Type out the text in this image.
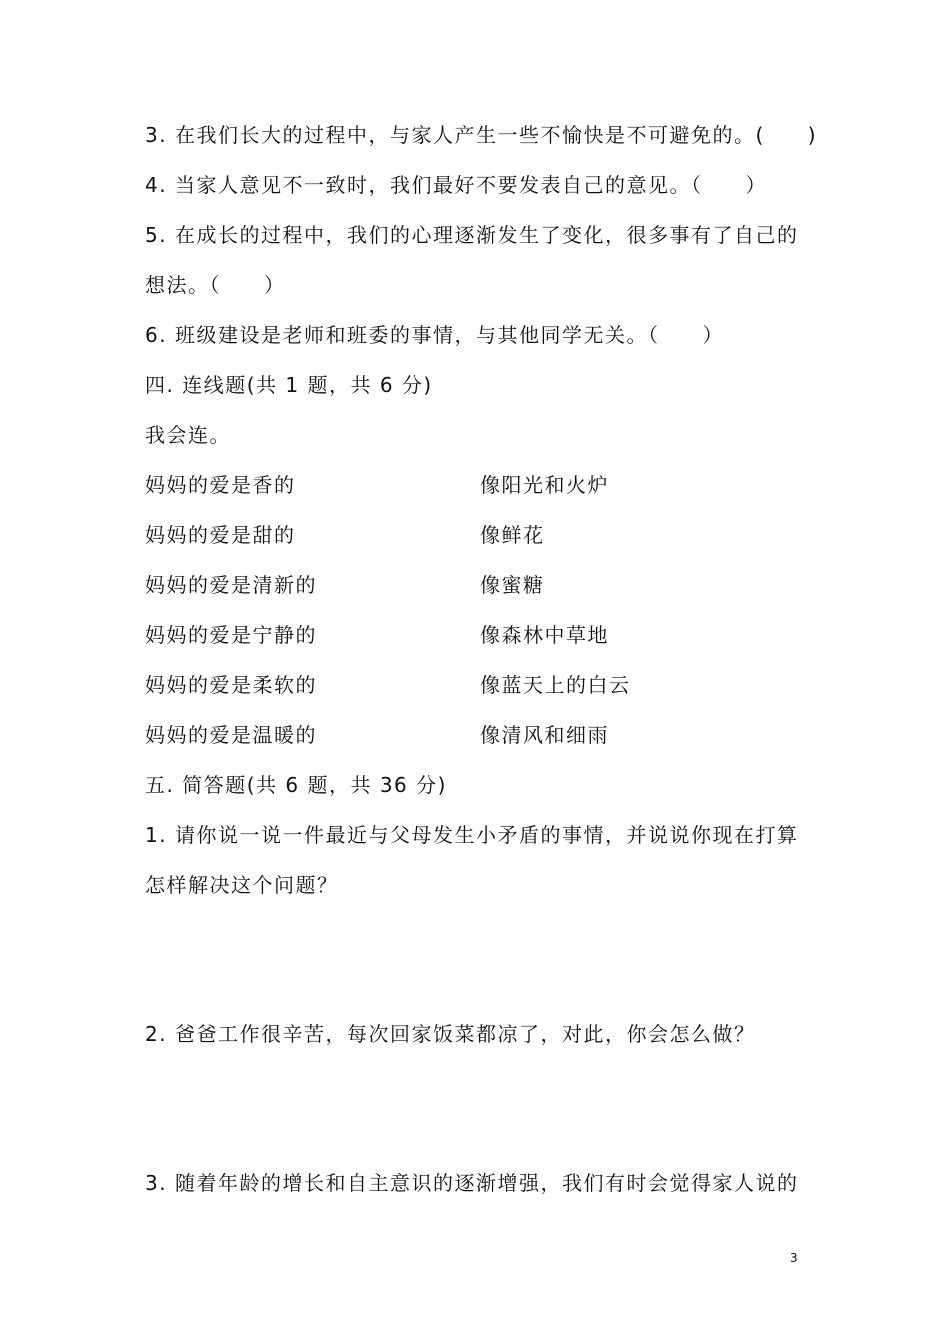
3. 在我们长大的过程中，与家人产生一些不愉快是不可避免的。(　　)
4. 当家人意见不一致时，我们最好不要发表自己的意见。（　　）
5. 在成长的过程中，我们的心理逐渐发生了变化，很多事有了自己的
想法。（　　）
6. 班级建设是老师和班委的事情，与其他同学无关。（　　）
四. 连线题(共 1 题，共 6 分)
我会连。
妈妈的爱是香的	像阳光和火炉
妈妈的爱是甜的	像鲜花
妈妈的爱是清新的	像蜜糖
妈妈的爱是宁静的	像森林中草地
妈妈的爱是柔软的	像蓝天上的白云
妈妈的爱是温暖的	像清风和细雨
五. 简答题(共 6 题，共 36 分)
1. 请你说一说一件最近与父母发生小矛盾的事情，并说说你现在打算
怎样解决这个问题？
2. 爸爸工作很辛苦，每次回家饭菜都凉了，对此，你会怎么做？
3. 随着年龄的增长和自主意识的逐渐增强，我们有时会觉得家人说的
3
